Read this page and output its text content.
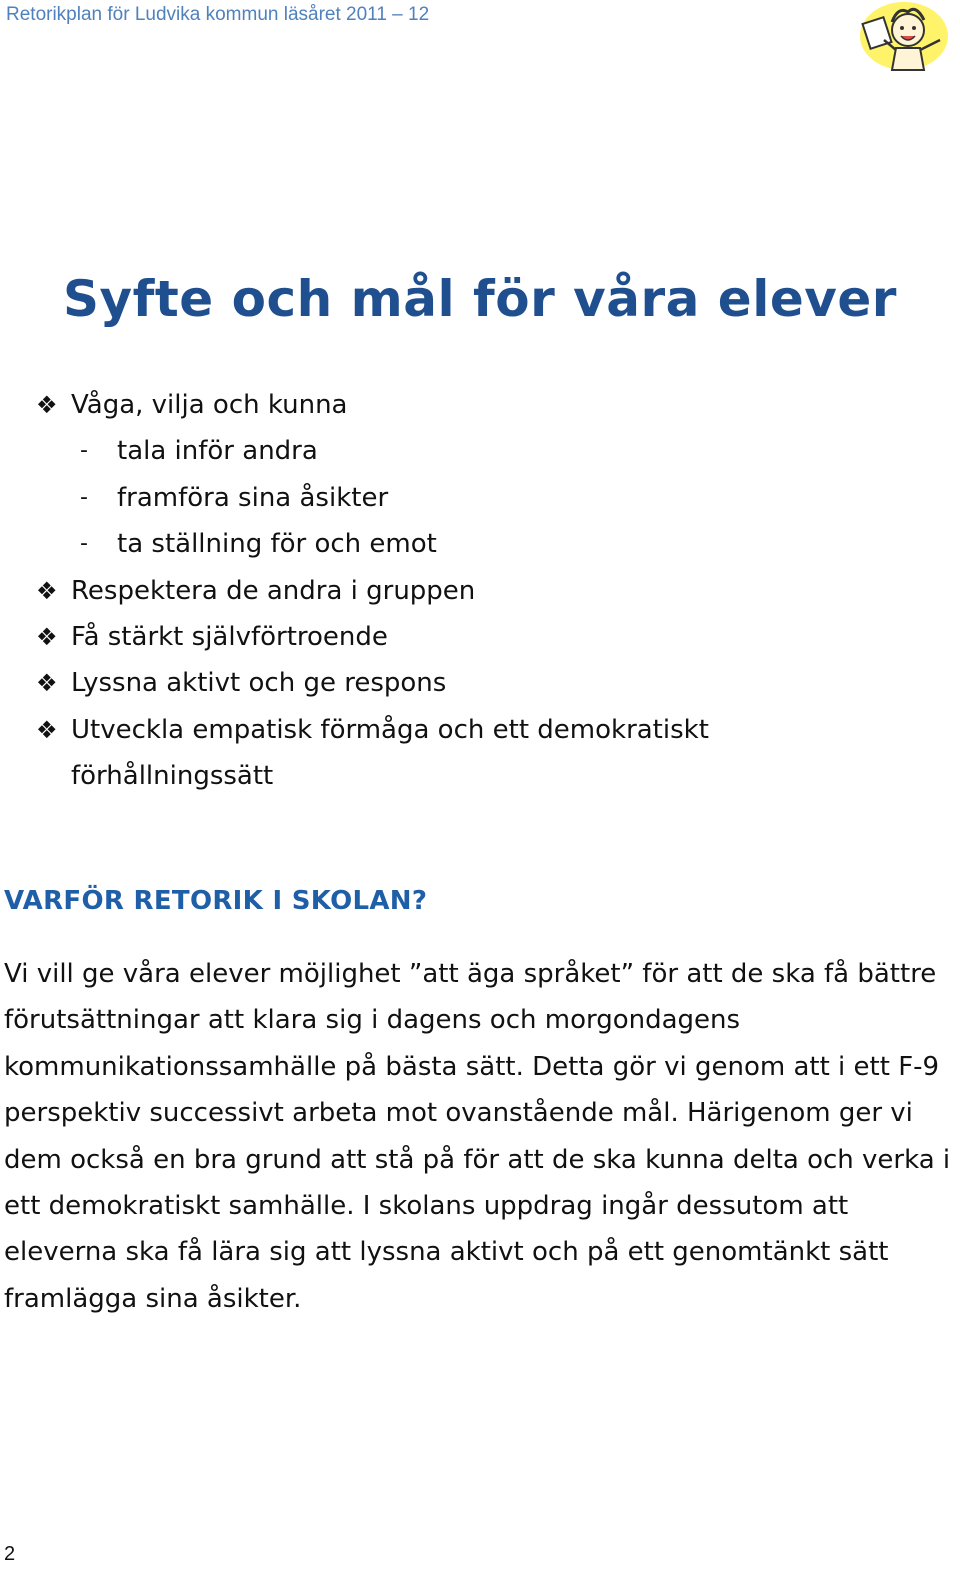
Retorikplan för Ludvika kommun läsåret 2011 – 12
Syfte och mål för våra elever
❖ Våga, vilja och kunna
- tala inför andra
- framföra sina åsikter
- ta ställning för och emot
❖ Respektera de andra i gruppen
❖ Få stärkt självförtroende
❖ Lyssna aktivt och ge respons
❖ Utveckla empatisk förmåga och ett demokratiskt
förhållningssätt
VARFÖR RETORIK I SKOLAN?

Vi vill ge våra elever möjlighet ”att äga språket” för att de ska få bättre förutsättningar att klara sig i dagens och morgondagens kommunikationssamhälle på bästa sätt. Detta gör vi genom att i ett F-9 perspektiv successivt arbeta mot ovanstående mål. Härigenom ger vi dem också en bra grund att stå på för att de ska kunna delta och verka i ett demokratiskt samhälle. I skolans uppdrag ingår dessutom att eleverna ska få lära sig att lyssna aktivt och på ett genomtänkt sätt framlägga sina åsikter.

2
